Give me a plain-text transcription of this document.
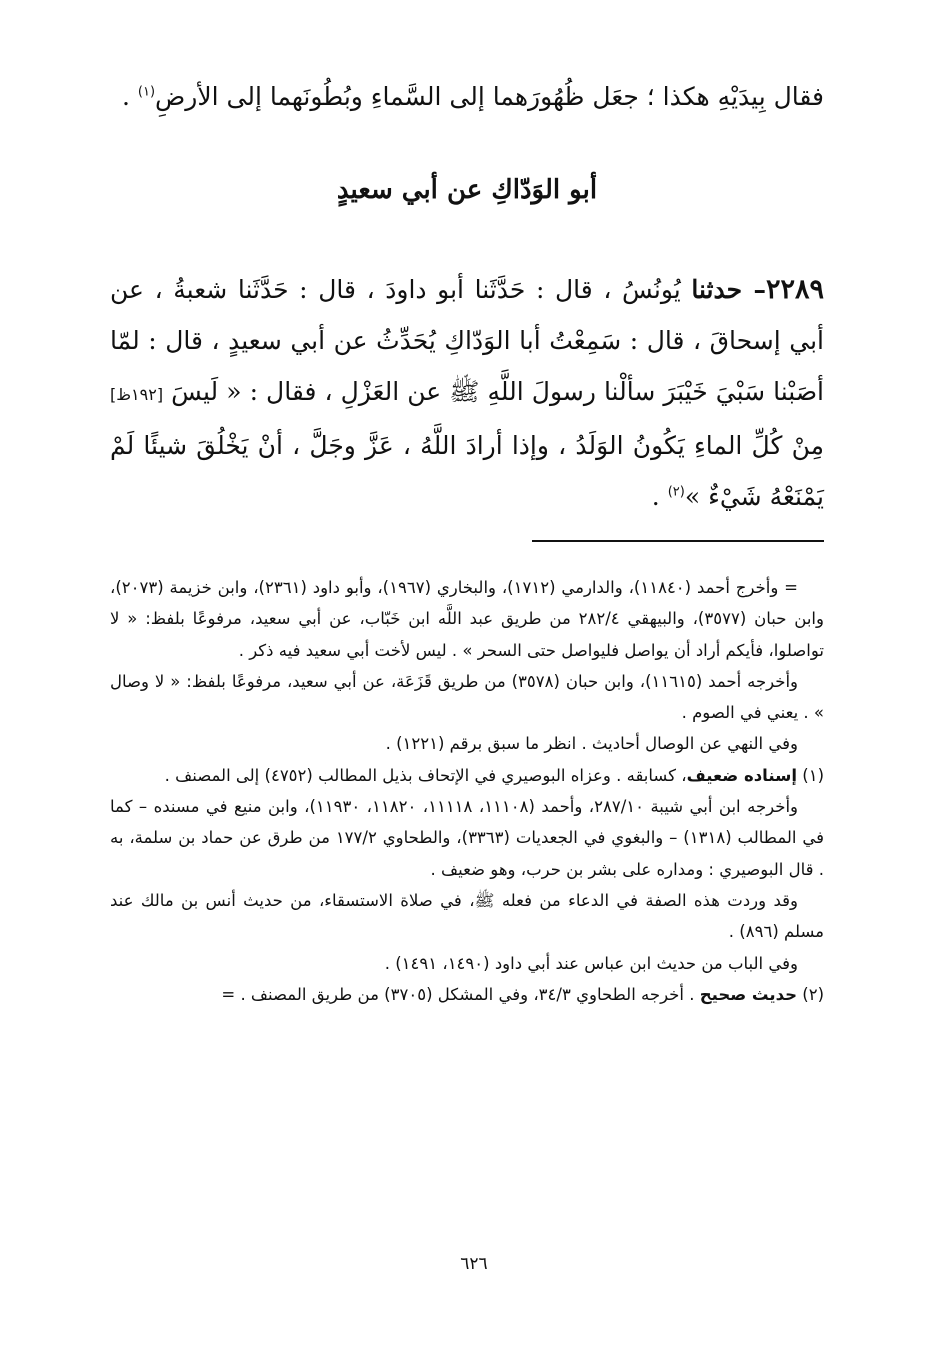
فقال بِيدَيْهِ هكذا ؛ جعَل ظُهُورَهما إلى السَّماءِ وبُطُونَهما إلى الأرضِ$^{(١)}$ .
أبو الوَدّاكِ عن أبي سعيدٍ
٢٢٨٩– حدثنا يُونُسُ ، قال : حَدَّثَنا أبو داودَ ، قال : حَدَّثَنا شعبةُ ، عن أبي إسحاقَ ، قال : سَمِعْتُ أبا الوَدّاكِ يُحَدِّثُ عن أبي سعيدٍ ، قال : لمّا أصَبْنا سَبْيَ خَيْبَرَ سألْنا رسولَ اللَّهِ ﷺ عن العَزْلِ ، فقال : « لَيسَ [١٩٢ظ] مِنْ كُلِّ الماءِ يَكُونُ الوَلَدُ ، وإذا أرادَ اللَّهُ ، عَزَّ وجَلَّ ، أنْ يَخْلُقَ شيئًا لَمْ يَمْنَعْهُ شَيْءٌ »$^{(٢)}$ .

= وأخرج أحمد (١١٨٤٠)، والدارمي (١٧١٢)، والبخاري (١٩٦٧)، وأبو داود (٢٣٦١)، وابن خزيمة (٢٠٧٣)، وابن حبان (٣٥٧٧)، والبيهقي ٢٨٢/٤ من طريق عبد اللَّه ابن خَبّاب، عن أبي سعيد، مرفوعًا بلفظ: « لا تواصلوا، فأيكم أراد أن يواصل فليواصل حتى السحر » . ليس لأخت أبي سعيد فيه ذكر .

وأخرجه أحمد (١١٦١٥)، وابن حبان (٣٥٧٨) من طريق قَزَعَة، عن أبي سعيد، مرفوعًا بلفظ: « لا وصال » . يعني في الصوم .

وفي النهي عن الوصال أحاديث . انظر ما سبق برقم (١٢٢١) .

(١) إسناده ضعيف، كسابقه . وعزاه البوصيري في الإتحاف بذيل المطالب (٤٧٥٢) إلى المصنف .

وأخرجه ابن أبي شيبة ٢٨٧/١٠، وأحمد (١١١٠٨، ١١١١٨، ١١٨٢٠، ١١٩٣٠)، وابن منيع في مسنده – كما في المطالب (١٣١٨) – والبغوي في الجعديات (٣٣٦٣)، والطحاوي ١٧٧/٢ من طرق عن حماد بن سلمة، به . قال البوصيري : ومداره على بشر بن حرب، وهو ضعيف .

وقد وردت هذه الصفة في الدعاء من فعله ﷺ، في صلاة الاستسقاء، من حديث أنس بن مالك عند مسلم (٨٩٦) .

وفي الباب من حديث ابن عباس عند أبي داود (١٤٩٠، ١٤٩١) .

(٢) حديث صحيح . أخرجه الطحاوي ٣٤/٣، وفي المشكل (٣٧٠٥) من طريق المصنف . =

٦٢٦
